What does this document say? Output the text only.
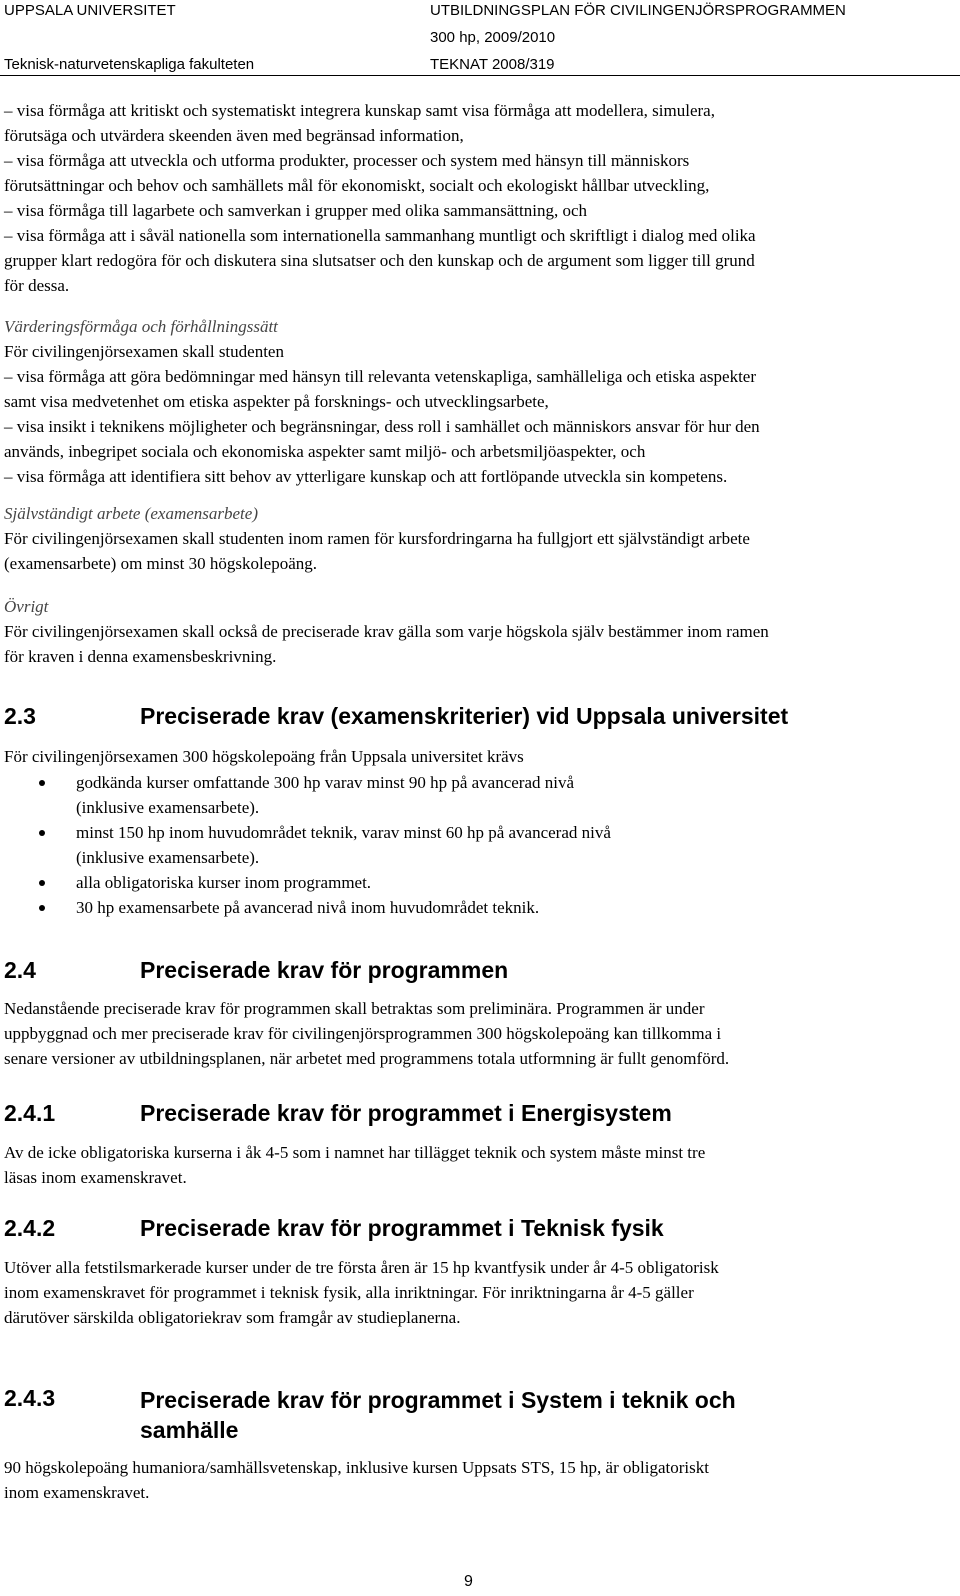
UPPSALA UNIVERSITET
Teknisk-naturvetenskapliga fakulteten
UTBILDNINGSPLAN FÖR CIVILINGENJÖRSPROGRAMMEN
300 hp, 2009/2010
TEKNAT 2008/319
– visa förmåga att kritiskt och systematiskt integrera kunskap samt visa förmåga att modellera, simulera,
förutsäga och utvärdera skeenden även med begränsad information,
– visa förmåga att utveckla och utforma produkter, processer och system med hänsyn till människors
förutsättningar och behov och samhällets mål för ekonomiskt, socialt och ekologiskt hållbar utveckling,
– visa förmåga till lagarbete och samverkan i grupper med olika sammansättning, och
– visa förmåga att i såväl nationella som internationella sammanhang muntligt och skriftligt i dialog med olika
grupper klart redogöra för och diskutera sina slutsatser och den kunskap och de argument som ligger till grund
för dessa.
Värderingsförmåga och förhållningssätt
För civilingenjörsexamen skall studenten
– visa förmåga att göra bedömningar med hänsyn till relevanta vetenskapliga, samhälleliga och etiska aspekter
samt visa medvetenhet om etiska aspekter på forsknings- och utvecklingsarbete,
– visa insikt i teknikens möjligheter och begränsningar, dess roll i samhället och människors ansvar för hur den
används, inbegripet sociala och ekonomiska aspekter samt miljö- och arbetsmiljöaspekter, och
– visa förmåga att identifiera sitt behov av ytterligare kunskap och att fortlöpande utveckla sin kompetens.
Självständigt arbete (examensarbete)
För civilingenjörsexamen skall studenten inom ramen för kursfordringarna ha fullgjort ett självständigt arbete
(examensarbete) om minst 30 högskolepoäng.
Övrigt
För civilingenjörsexamen skall också de preciserade krav gälla som varje högskola själv bestämmer inom ramen
för kraven i denna examensbeskrivning.
2.3	Preciserade krav (examenskriterier) vid Uppsala universitet
För civilingenjörsexamen 300 högskolepoäng från Uppsala universitet krävs
godkända kurser omfattande 300 hp varav minst 90 hp på avancerad nivå
(inklusive examensarbete).
minst 150 hp inom huvudområdet teknik, varav minst 60 hp på avancerad nivå
(inklusive examensarbete).
alla obligatoriska kurser inom programmet.
30 hp examensarbete på avancerad nivå inom huvudområdet teknik.
2.4	Preciserade krav för programmen
Nedanstående preciserade krav för programmen skall betraktas som preliminära. Programmen är under
uppbyggnad och mer preciserade krav för civilingenjörsprogrammen 300 högskolepoäng kan tillkomma i
senare versioner av utbildningsplanen, när arbetet med programmens totala utformning är fullt genomförd.
2.4.1	Preciserade krav för programmet i Energisystem
Av de icke obligatoriska kurserna i åk 4-5 som i namnet har tillägget teknik och system måste minst tre
läsas inom examenskravet.
2.4.2	Preciserade krav för programmet i Teknisk fysik
Utöver alla fetstilsmarkerade kurser under de tre första åren är 15 hp kvantfysik under år 4-5 obligatorisk
inom examenskravet för programmet i teknisk fysik, alla inriktningar. För inriktningarna år 4-5 gäller
därutöver särskilda obligatoriekrav som framgår av studieplanerna.
2.4.3	Preciserade krav för programmet i System i teknik och
samhälle
90 högskolepoäng humaniora/samhällsvetenskap, inklusive kursen Uppsats STS, 15 hp, är obligatoriskt
inom examenskravet.
9
